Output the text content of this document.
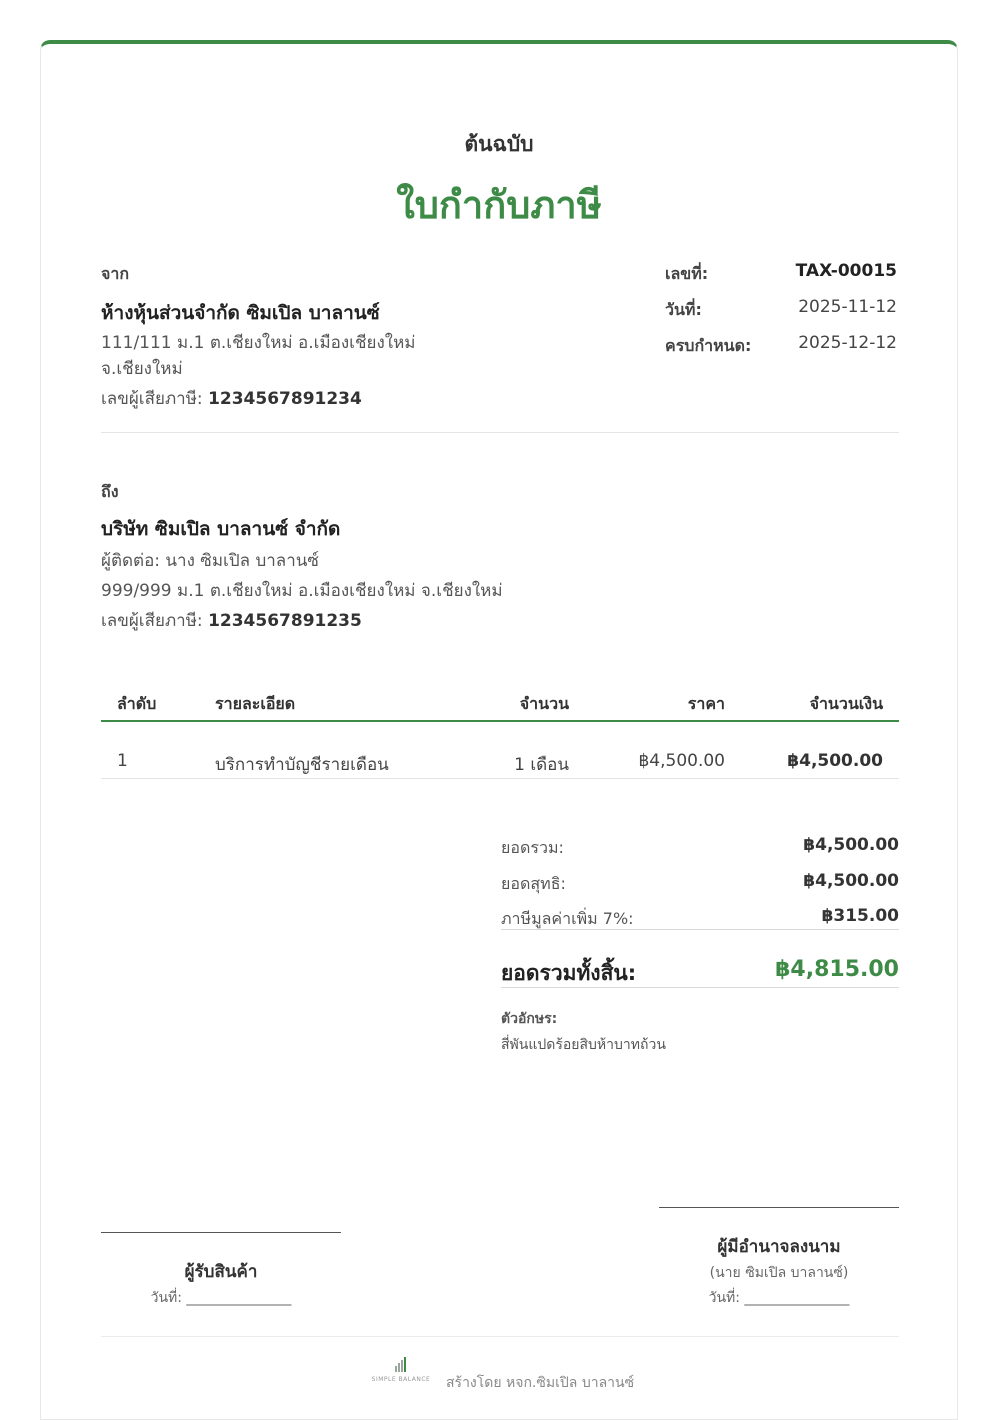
ต้นฉบับ
ใบกำกับภาษี
จาก
ห้างหุ้นส่วนจำกัด ซิมเปิล บาลานซ์
111/111 ม.1 ต.เชียงใหม่ อ.เมืองเชียงใหม่
จ.เชียงใหม่
เลขผู้เสียภาษี: 1234567891234
เลขที่:	TAX-00015
วันที่:	2025-11-12
ครบกำหนด:	2025-12-12
ถึง
บริษัท ซิมเปิล บาลานซ์ จำกัด
ผู้ติดต่อ: นาง ซิมเปิล บาลานซ์
999/999 ม.1 ต.เชียงใหม่ อ.เมืองเชียงใหม่ จ.เชียงใหม่
เลขผู้เสียภาษี: 1234567891235
ลำดับ	รายละเอียด	จำนวน	ราคา	จำนวนเงิน
1	บริการทำบัญชีรายเดือน	1 เดือน	฿4,500.00	฿4,500.00
ยอดรวม:	฿4,500.00
ยอดสุทธิ:	฿4,500.00
ภาษีมูลค่าเพิ่ม 7%:	฿315.00
ยอดรวมทั้งสิ้น:	฿4,815.00
ตัวอักษร:
สี่พันแปดร้อยสิบห้าบาทถ้วน
ผู้รับสินค้า
วันที่: _______________
ผู้มีอำนาจลงนาม
(นาย ซิมเปิล บาลานซ์)
วันที่: _______________
SIMPLE BALANCE สร้างโดย หจก.ซิมเปิล บาลานซ์
